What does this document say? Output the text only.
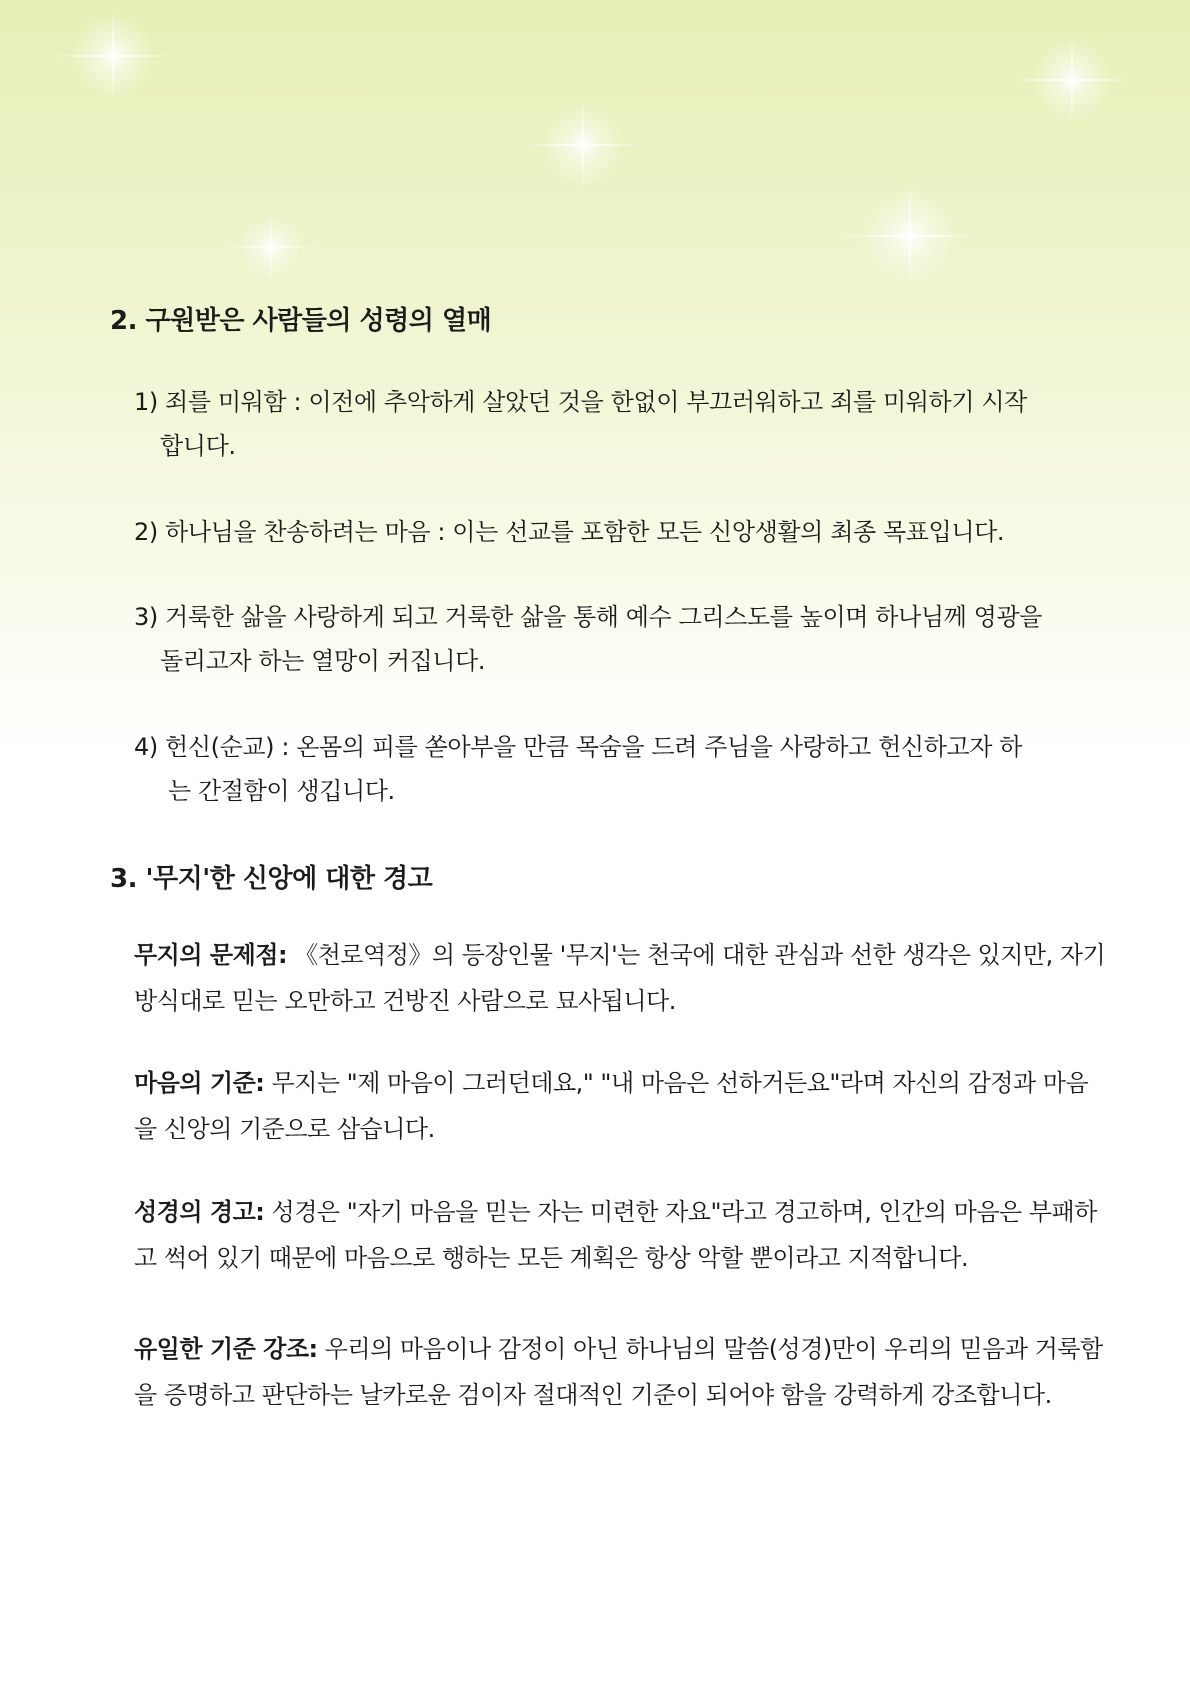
2. 구원받은 사람들의 성령의 열매
1) 죄를 미워함 : 이전에 추악하게 살았던 것을 한없이 부끄러워하고 죄를 미워하기 시작
합니다.
2) 하나님을 찬송하려는 마음 : 이는 선교를 포함한 모든 신앙생활의 최종 목표입니다.
3) 거룩한 삶을 사랑하게 되고 거룩한 삶을 통해 예수 그리스도를 높이며 하나님께 영광을
돌리고자 하는 열망이 커집니다.
4) 헌신(순교) : 온몸의 피를 쏟아부을 만큼 목숨을 드려 주님을 사랑하고 헌신하고자 하
는 간절함이 생깁니다.
3. '무지'한 신앙에 대한 경고
무지의 문제점: 《천로역정》의 등장인물 '무지'는 천국에 대한 관심과 선한 생각은 있지만, 자기 방식대로 믿는 오만하고 건방진 사람으로 묘사됩니다.
마음의 기준: 무지는 "제 마음이 그러던데요," "내 마음은 선하거든요"라며 자신의 감정과 마음을 신앙의 기준으로 삼습니다.
성경의 경고: 성경은 "자기 마음을 믿는 자는 미련한 자요"라고 경고하며, 인간의 마음은 부패하고 썩어 있기 때문에 마음으로 행하는 모든 계획은 항상 악할 뿐이라고 지적합니다.
유일한 기준 강조: 우리의 마음이나 감정이 아닌 하나님의 말씀(성경)만이 우리의 믿음과 거룩함을 증명하고 판단하는 날카로운 검이자 절대적인 기준이 되어야 함을 강력하게 강조합니다.
